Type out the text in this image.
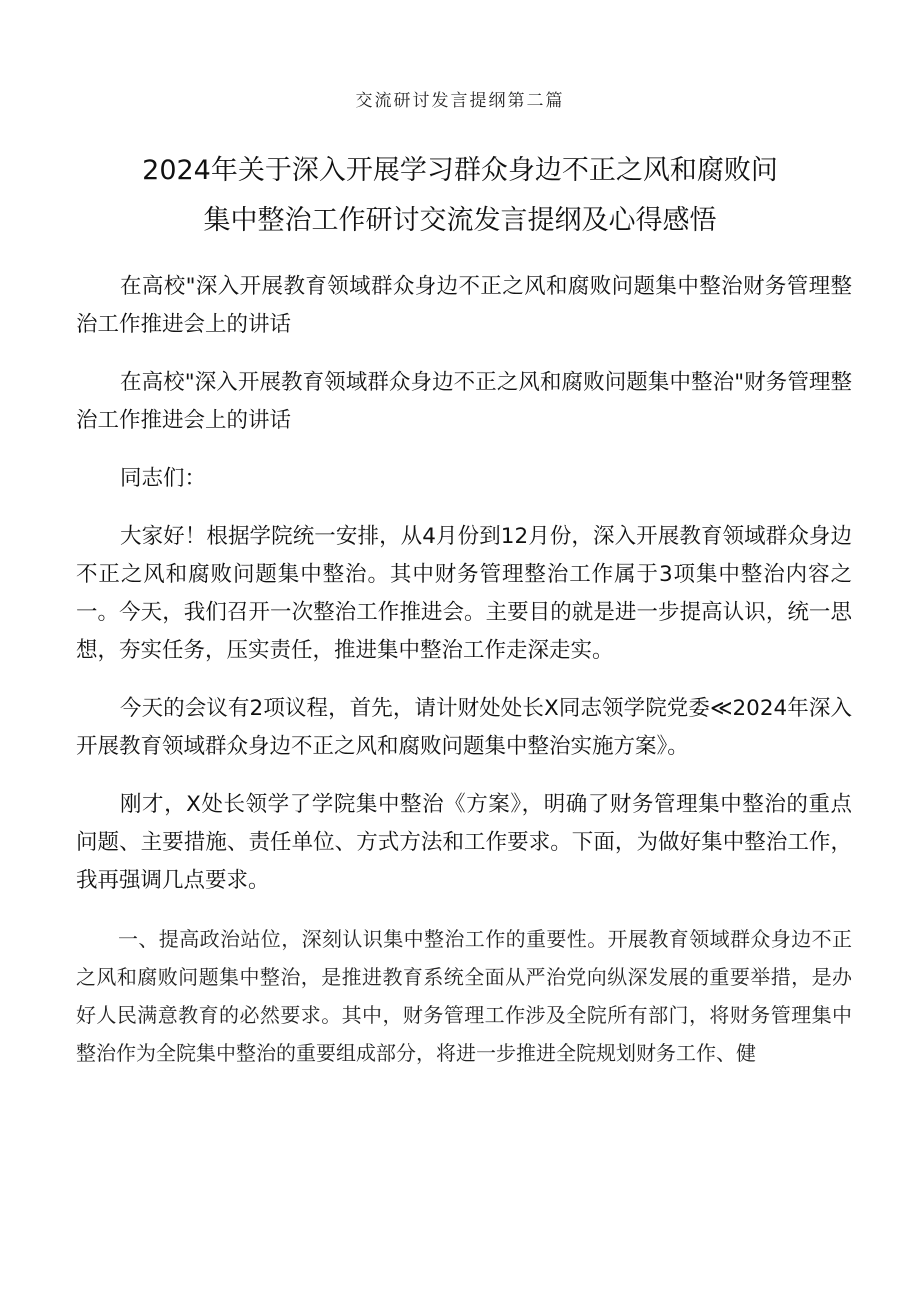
交流研讨发言提纲第二篇
2024年关于深入开展学习群众身边不正之风和腐败问
集中整治工作研讨交流发言提纲及心得感悟

在高校"深入开展教育领域群众身边不正之风和腐败问题集中整治财务管理整治工作推进会上的讲话

在高校"深入开展教育领域群众身边不正之风和腐败问题集中整治"财务管理整治工作推进会上的讲话

同志们：

大家好！根据学院统一安排，从4月份到12月份，深入开展教育领域群众身边不正之风和腐败问题集中整治。其中财务管理整治工作属于3项集中整治内容之一。今天，我们召开一次整治工作推进会。主要目的就是进一步提高认识，统一思想，夯实任务，压实责任，推进集中整治工作走深走实。

今天的会议有2项议程，首先，请计财处处长X同志领学院党委≪2024年深入开展教育领域群众身边不正之风和腐败问题集中整治实施方案》。

刚才，X处长领学了学院集中整治《方案》，明确了财务管理集中整治的重点问题、主要措施、责任单位、方式方法和工作要求。下面，为做好集中整治工作，我再强调几点要求。

一、提高政治站位，深刻认识集中整治工作的重要性。开展教育领域群众身边不正之风和腐败问题集中整治，是推进教育系统全面从严治党向纵深发展的重要举措，是办好人民满意教育的必然要求。其中，财务管理工作涉及全院所有部门，将财务管理集中整治作为全院集中整治的重要组成部分，将进一步推进全院规划财务工作、健
